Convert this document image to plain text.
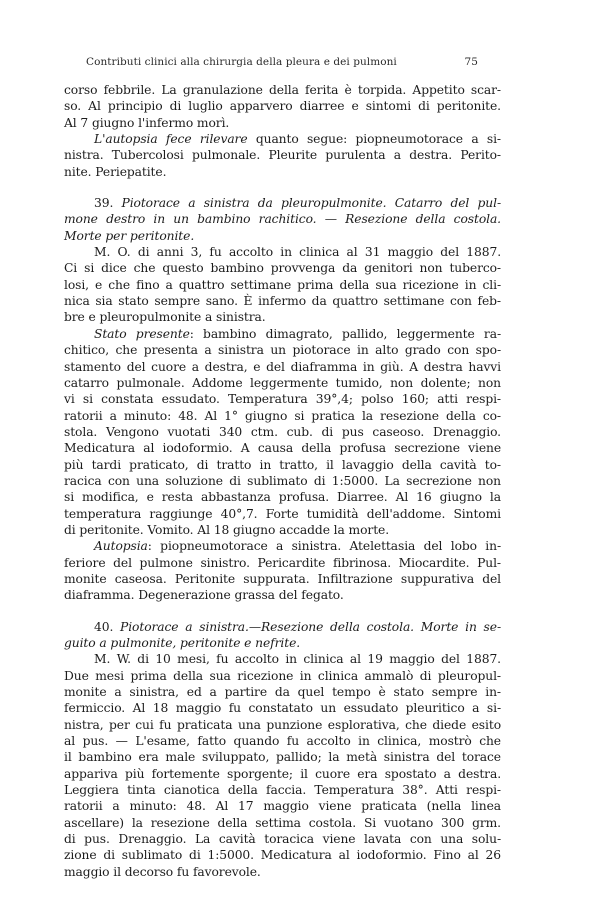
Contributi clinici alla chirurgia della pleura e dei pulmoni	75
corso febbrile. La granulazione della ferita è torpida. Appetito scar-
so. Al principio di luglio apparvero diarree e sintomi di peritonite.
Al 7 giugno l'infermo morì.
L'autopsia fece rilevare quanto segue: piopneumotorace a si-
nistra. Tubercolosi pulmonale. Pleurite purulenta a destra. Perito-
nite. Periepatite.
39. Piotorace a sinistra da pleuropulmonite. Catarro del pul-
mone destro in un bambino rachitico. — Resezione della costola.
Morte per peritonite.
M. O. di anni 3, fu accolto in clinica al 31 maggio del 1887.
Ci si dice che questo bambino provvenga da genitori non tuberco-
losi, e che fino a quattro settimane prima della sua ricezione in cli-
nica sia stato sempre sano. È infermo da quattro settimane con feb-
bre e pleuropulmonite a sinistra.
Stato presente: bambino dimagrato, pallido, leggermente ra-
chitico, che presenta a sinistra un piotorace in alto grado con spo-
stamento del cuore a destra, e del diaframma in giù. A destra havvi
catarro pulmonale. Addome leggermente tumido, non dolente; non
vi si constata essudato. Temperatura 39°,4; polso 160; atti respi-
ratorii a minuto: 48. Al 1° giugno si pratica la resezione della co-
stola. Vengono vuotati 340 ctm. cub. di pus caseoso. Drenaggio.
Medicatura al iodoformio. A causa della profusa secrezione viene
più tardi praticato, di tratto in tratto, il lavaggio della cavità to-
racica con una soluzione di sublimato di 1:5000. La secrezione non
si modifica, e resta abbastanza profusa. Diarree. Al 16 giugno la
temperatura raggiunge 40°,7. Forte tumidità dell'addome. Sintomi
di peritonite. Vomito. Al 18 giugno accadde la morte.
Autopsia: piopneumotorace a sinistra. Atelettasia del lobo in-
feriore del pulmone sinistro. Pericardite fibrinosa. Miocardite. Pul-
monite caseosa. Peritonite suppurata. Infiltrazione suppurativa del
diaframma. Degenerazione grassa del fegato.
40. Piotorace a sinistra.—Resezione della costola. Morte in se-
guito a pulmonite, peritonite e nefrite.
M. W. di 10 mesi, fu accolto in clinica al 19 maggio del 1887.
Due mesi prima della sua ricezione in clinica ammalò di pleuropul-
monite a sinistra, ed a partire da quel tempo è stato sempre in-
fermiccio. Al 18 maggio fu constatato un essudato pleuritico a si-
nistra, per cui fu praticata una punzione esplorativa, che diede esito
al pus. — L'esame, fatto quando fu accolto in clinica, mostrò che
il bambino era male sviluppato, pallido; la metà sinistra del torace
appariva più fortemente sporgente; il cuore era spostato a destra.
Leggiera tinta cianotica della faccia. Temperatura 38°. Atti respi-
ratorii a minuto: 48. Al 17 maggio viene praticata (nella linea
ascellare) la resezione della settima costola. Si vuotano 300 grm.
di pus. Drenaggio. La cavità toracica viene lavata con una solu-
zione di sublimato di 1:5000. Medicatura al iodoformio. Fino al 26
maggio il decorso fu favorevole.
